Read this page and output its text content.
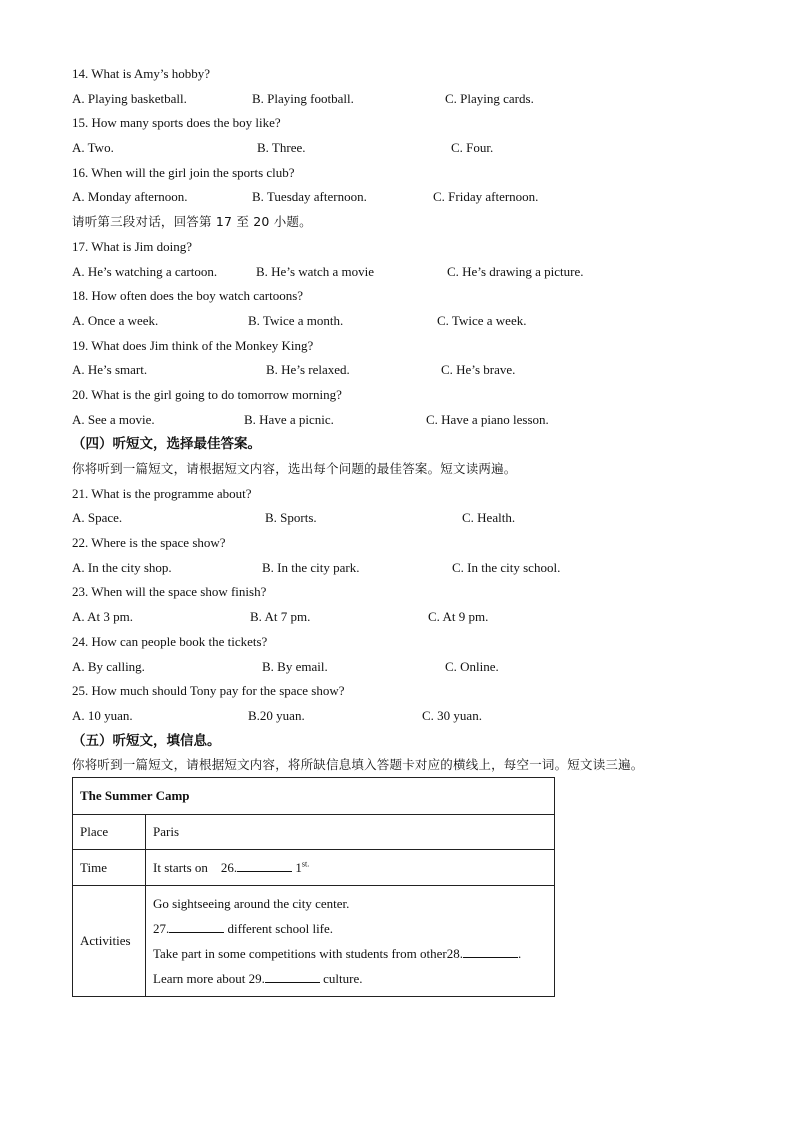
14. What is Amy’s hobby?
A. Playing basketball.	B. Playing football.	C. Playing cards.
15. How many sports does the boy like?
A. Two.	B. Three.	C. Four.
16. When will the girl join the sports club?
A. Monday afternoon.	B. Tuesday afternoon.	C. Friday afternoon.
请听第三段对话，回答第 17 至 20 小题。
17. What is Jim doing?
A. He’s watching a cartoon.	B. He’s watch a movie	C. He’s drawing a picture.
18. How often does the boy watch cartoons?
A. Once a week.	B. Twice a month.	C. Twice a week.
19. What does Jim think of the Monkey King?
A. He’s smart.	B. He’s relaxed.	C. He’s brave.
20. What is the girl going to do tomorrow morning?
A. See a movie.	B. Have a picnic.	C. Have a piano lesson.
（四）听短文，选择最佳答案。
你将听到一篇短文，请根据短文内容，选出每个问题的最佳答案。短文读两遍。
21. What is the programme about?
A. Space.	B. Sports.	C. Health.
22. Where is the space show?
A. In the city shop.	B. In the city park.	C. In the city school.
23. When will the space show finish?
A. At 3 pm.	B. At 7 pm.	C. At 9 pm.
24. How can people book the tickets?
A. By calling.	B. By email.	C. Online.
25. How much should Tony pay for the space show?
A. 10 yuan.	B.20 yuan.	C. 30 yuan.
（五）听短文，填信息。
你将听到一篇短文，请根据短文内容，将所缺信息填入答题卡对应的横线上，每空一词。短文读三遍。
The Summer Camp	
Place	Paris
Time	It starts on    26. $1^{st.}$
Activities	Go sightseeing around the city center.
27. different school life.
Take part in some competitions with students from other28. .
Learn more about 29. culture.
